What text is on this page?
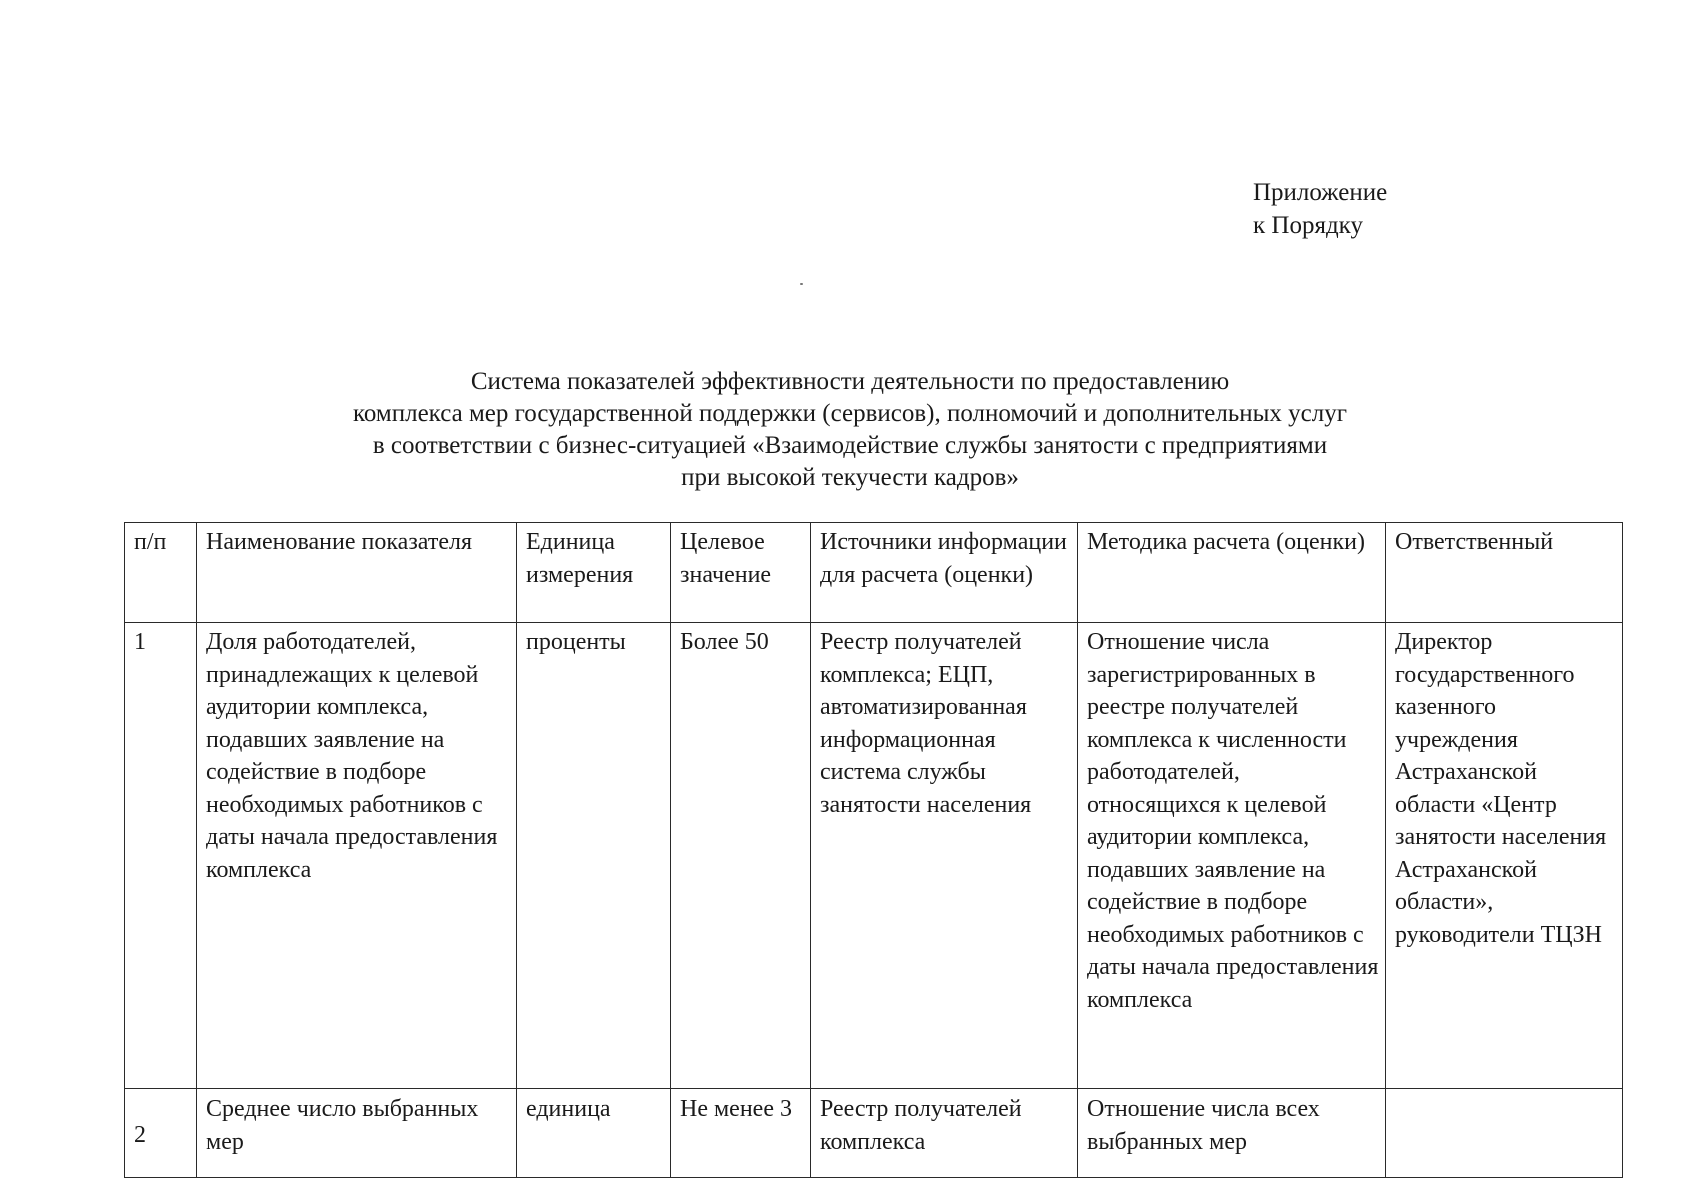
Приложение
к Порядку
Система показателей эффективности деятельности по предоставлению
комплекса мер государственной поддержки (сервисов), полномочий и дополнительных услуг
в соответствии с бизнес-ситуацией «Взаимодействие службы занятости с предприятиями
при высокой текучести кадров»
п/п	Наименование показателя	Единица измерения	Целевое значение	Источники информации для расчета (оценки)	Методика расчета (оценки)	Ответственный
1	Доля работодателей, принадлежащих к целевой аудитории комплекса, подавших заявление на содействие в подборе необходимых работников с даты начала предоставления комплекса	проценты	Более 50	Реестр получателей комплекса; ЕЦП, автоматизированная информационная система службы занятости населения	Отношение числа зарегистрированных в реестре получателей комплекса к численности работодателей, относящихся к целевой аудитории комплекса, подавших заявление на содействие в подборе необходимых работников с даты начала предоставления комплекса	Директор государственного казенного учреждения Астраханской области «Центр занятости населения Астраханской области», руководители ТЦЗН
2	Среднее число выбранных мер	единица	Не менее 3	Реестр получателей комплекса	Отношение числа всех выбранных мер	
